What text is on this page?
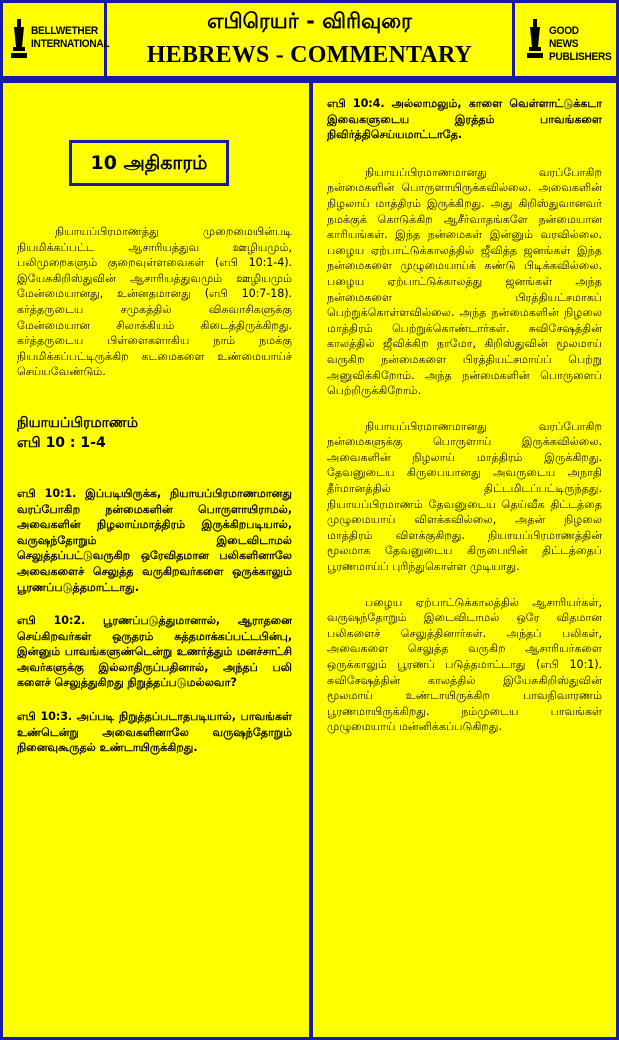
BELLWETHER INTERNATIONAL
எபிரெயர் - விரிவுரை
HEBREWS - COMMENTARY
GOOD NEWS PUBLISHERS
10 அதிகாரம்

நியாயப்பிரமாணத்து முறைமையின்படி நியமிக்கப்பட்ட ஆசாரியத்துவ ஊழியமும், பலிமுறைகளும் குறைவுள்ளவைகள் (எபி 10:1-4). இயேசுகிறிஸ்துவின் ஆசாரியத்துவமும் ஊழியமும் மேன்மையானது, உன்னதமானது (எபி 10:7-18). கர்த்தருடைய சமுகத்தில் விசுவாசிகளுக்கு மேன்மையான சிலாக்கியம் கிடைத்திருக்கிறது. கர்த்தருடைய பிள்ளைகளாகிய நாம் நமக்கு நியமிக்கப்பட்டிருக்கிற கடமைகளை உண்மையாய்ச் செய்யவேண்டும்.

நியாயப்பிரமாணம்
எபி 10 : 1-4

எபி 10:1. இப்படியிருக்க, நியாயப்பிரமாணமானது வரப்போகிற நன்மைகளின் பொருளாயிராமல், அவைகளின் நிழலாய்மாத்திரம் இருக்கிறபடியால், வருஷந்தோறும் இடைவிடாமல் செலுத்தப்பட்டுவருகிற ஒரேவிதமான பலிகளினாலே அவைகளைச் செலுத்த வருகிறவர்களை ஒருக்காலும் பூரணப்படுத்தமாட்டாது.

எபி 10:2. பூரணப்படுத்துமானால், ஆராதனை செய்கிறவர்கள் ஒருதரம் சுத்தமாக்கப்பட்டபின்பு, இன்னும் பாவங்களுண்டென்று உணர்த்தும் மனச்சாட்சி அவர்களுக்கு இல்லாதிருப்பதினால், அந்தப் பலி களைச் செலுத்துகிறது நிறுத்தப்படுமல்லவா?

எபி 10:3. அப்படி நிறுத்தப்படாதபடியால், பாவங்கள் உண்டென்று அவைகளினாலே வருஷந்தோறும் நினைவுகூருதல் உண்டாயிருக்கிறது.

எபி 10:4. அல்லாமலும், காளை வெள்ளாட்டுக்கடா இவைகளுடைய இரத்தம் பாவங்களை நிவிர்த்திசெய்யமாட்டாதே.

நியாயப்பிரமாணமானது வரப்போகிற நன்மைகளின் பொருளாயிருக்கவில்லை. அவைகளின் நிழலாய் மாத்திரம் இருக்கிறது. அது கிறிஸ்துவானவர் நமக்குக் கொடுக்கிற ஆசீர்வாதங்களே நன்மையான காரியங்கள். இந்த நன்மைகள் இன்னும் வரவில்லை. பழைய ஏற்பாட்டுக்காலத்தில் ஜீவித்த ஜனங்கள் இந்த நன்மைகளை முழுமையாய்க் கண்டு பிடிக்கவில்லை. பழைய ஏற்பாட்டுக்காலத்து ஜனங்கள் அந்த நன்மைகளை பிரத்தியட்சமாகப் பெற்றுக்கொள்ளவில்லை. அந்த நன்மைகளின் நிழலை மாத்திரம் பெற்றுக்கொண்டார்கள். சுவிசேஷத்தின் காலத்தில் ஜீவிக்கிற நாமோ, கிறிஸ்துவின் மூலமாய் வருகிற நன்மைகளை பிரத்தியட்சமாய்ப் பெற்று அனுவிக்கிறோம். அந்த நன்மைகளின் பொருளைப் பெற்றிருக்கிறோம்.

நியாயப்பிரமாணமானது வரப்போகிற நன்மைகளுக்கு பொருளாய் இருக்கவில்லை. அவைகளின் நிழலாய் மாத்திரம் இருக்கிறது. தேவனுடைய கிருபையானது அவருடைய அநாதி தீர்மானத்தில் திட்டமிடப்பட்டிருந்தது. நியாயப்பிரமாணம் தேவனுடைய தெய்வீக திட்டத்தை முழுமையாய் விளக்கவில்லை, அதன் நிழலை மாத்திரம் விளக்குகிறது. நியாயப்பிரமாணத்தின் மூலமாக தேவனுடைய கிருபையின் திட்டத்தைப் பூரணமாய்ப் புரிந்துகொள்ள முடியாது.

பழைய ஏற்பாட்டுக்காலத்தில் ஆசாரியர்கள், வருஷந்தோறும் இடைவிடாமல் ஒரே விதமான பலிகளைச் செலுத்தினார்கள். அந்தப் பலிகள், அவைகளை செலுத்த வருகிற ஆசாரியர்களை ஒருக்காலும் பூரணப் படுத்தமாட்டாது (எபி 10:1). சுவிசேஷத்தின் காலத்தில் இயேசுகிறிஸ்துவின் மூலமாய் உண்டாயிருக்கிற பாவநிவாரணம் பூரணமாயிருக்கிறது. நம்முடைய பாவங்கள் முழுமையாய் மன்னிக்கப்படுகிறது.
